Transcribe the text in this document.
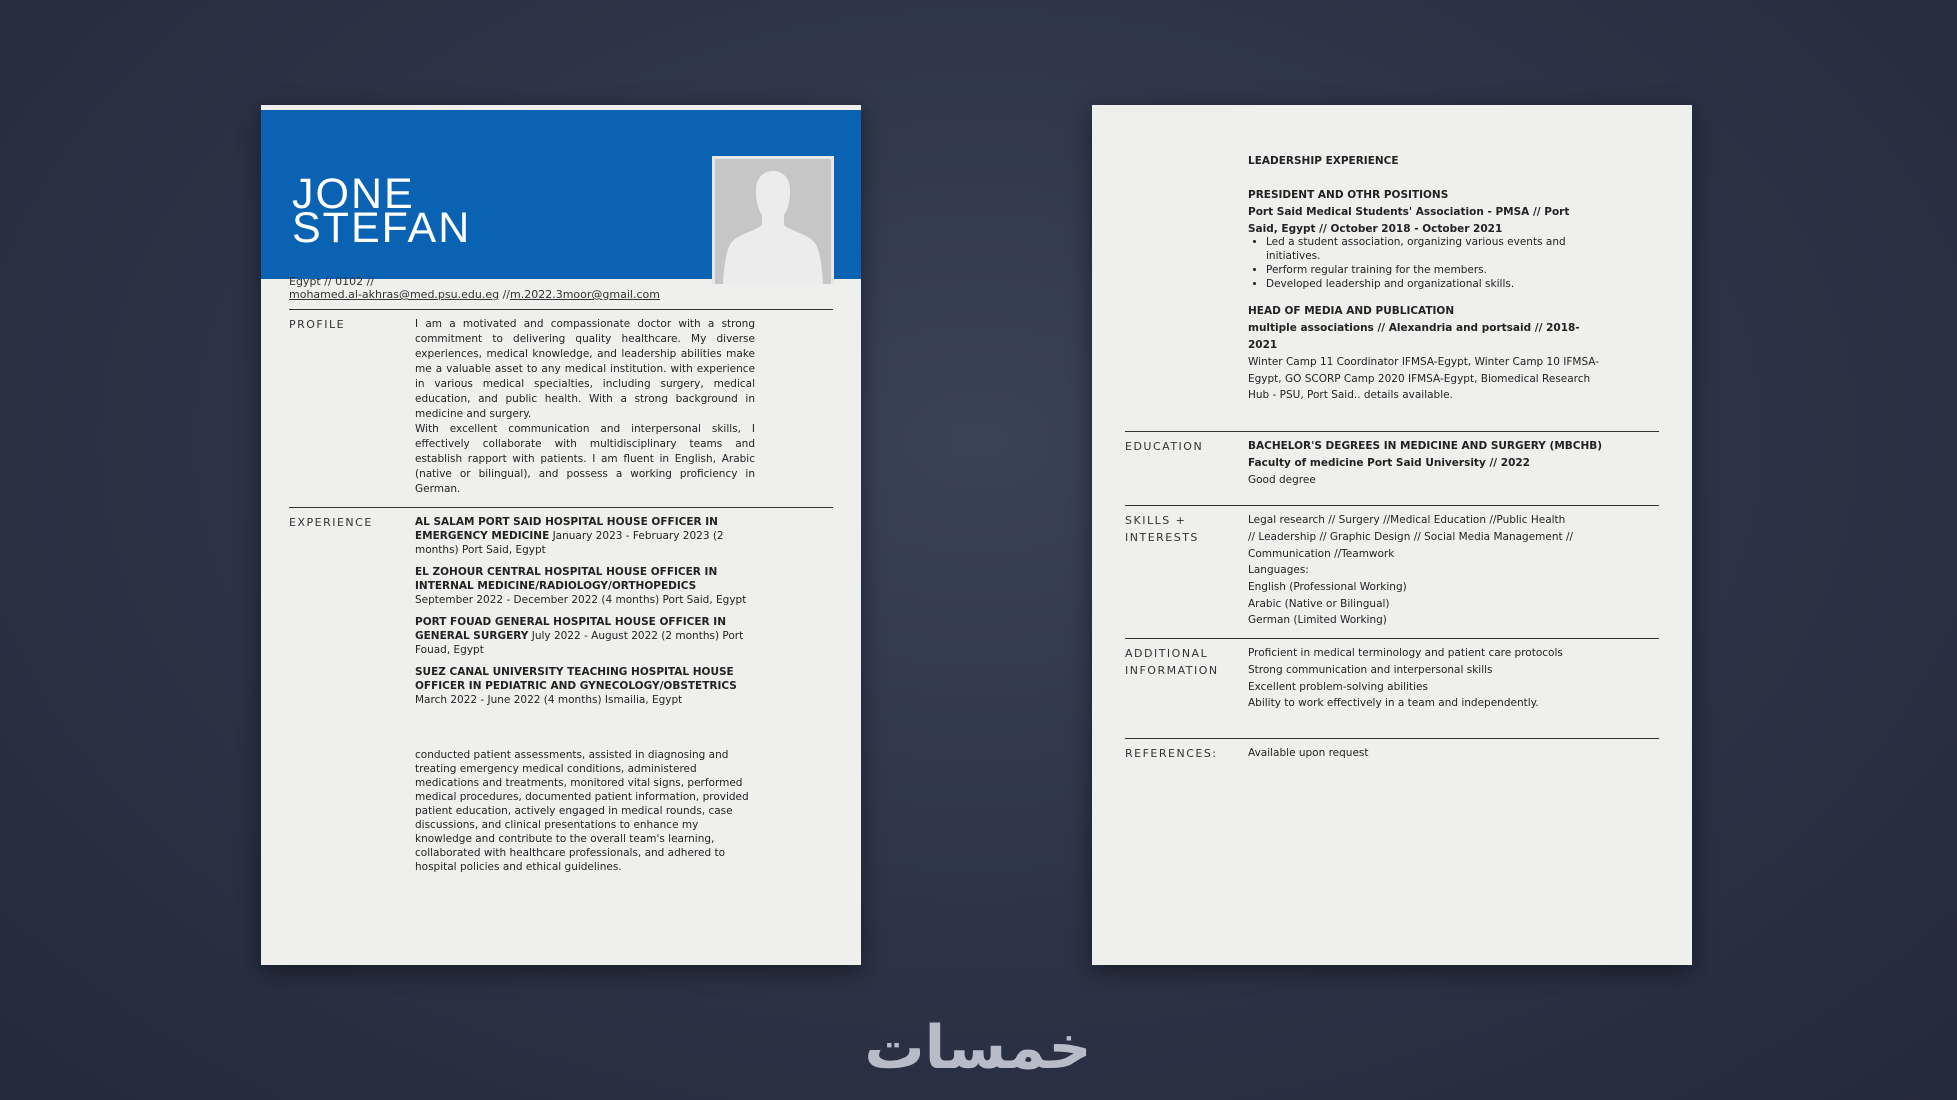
JONE
STEFAN
Egypt // 0102 //
mohamed.al-akhras@med.psu.edu.eg //m.2022.3moor@gmail.com
PROFILE	I am a motivated and compassionate doctor with a strong commitment to delivering quality healthcare. My diverse experiences, medical knowledge, and leadership abilities make me a valuable asset to any medical institution. with experience in various medical specialties, including surgery, medical education, and public health. With a strong background in medicine and surgery.

With excellent communication and interpersonal skills, I effectively collaborate with multidisciplinary teams and establish rapport with patients. I am fluent in English, Arabic (native or bilingual), and possess a working proficiency in German.

EXPERIENCE	AL SALAM PORT SAID HOSPITAL HOUSE OFFICER IN EMERGENCY MEDICINE January 2023 - February 2023 (2 months) Port Said, Egypt
EL ZOHOUR CENTRAL HOSPITAL HOUSE OFFICER IN INTERNAL MEDICINE/RADIOLOGY/ORTHOPEDICS September 2022 - December 2022 (4 months) Port Said, Egypt
PORT FOUAD GENERAL HOSPITAL HOUSE OFFICER IN GENERAL SURGERY July 2022 - August 2022 (2 months) Port Fouad, Egypt
SUEZ CANAL UNIVERSITY TEACHING HOSPITAL HOUSE OFFICER IN PEDIATRIC AND GYNECOLOGY/OBSTETRICS March 2022 - June 2022 (4 months) Ismailia, Egypt

conducted patient assessments, assisted in diagnosing and treating emergency medical conditions, administered medications and treatments, monitored vital signs, performed medical procedures, documented patient information, provided patient education, actively engaged in medical rounds, case discussions, and clinical presentations to enhance my knowledge and contribute to the overall team's learning, collaborated with healthcare professionals, and adhered to hospital policies and ethical guidelines.

LEADERSHIP EXPERIENCE
PRESIDENT AND OTHR POSITIONS
Port Said Medical Students' Association - PMSA // Port Said, Egypt // October 2018 - October 2021
• Led a student association, organizing various events and initiatives.
• Perform regular training for the members.
• Developed leadership and organizational skills.
HEAD OF MEDIA AND PUBLICATION
multiple associations // Alexandria and portsaid // 2018- 2021

Winter Camp 11 Coordinator IFMSA-Egypt, Winter Camp 10 IFMSA-Egypt, GO SCORP Camp 2020 IFMSA-Egypt, Biomedical Research Hub - PSU, Port Said.. details available.

EDUCATION	BACHELOR'S DEGREES IN MEDICINE AND SURGERY (MBCHB)
Faculty of medicine Port Said University // 2022
Good degree
SKILLS +
INTERESTS
Legal research // Surgery //Medical Education //Public Health
// Leadership // Graphic Design // Social Media Management //
Communication //Teamwork
Languages:
English (Professional Working)
Arabic (Native or Bilingual)
German (Limited Working)
ADDITIONAL
INFORMATION
Proficient in medical terminology and patient care protocols
Strong communication and interpersonal skills
Excellent problem-solving abilities
Ability to work effectively in a team and independently.
REFERENCES:	Available upon request
خمسات
